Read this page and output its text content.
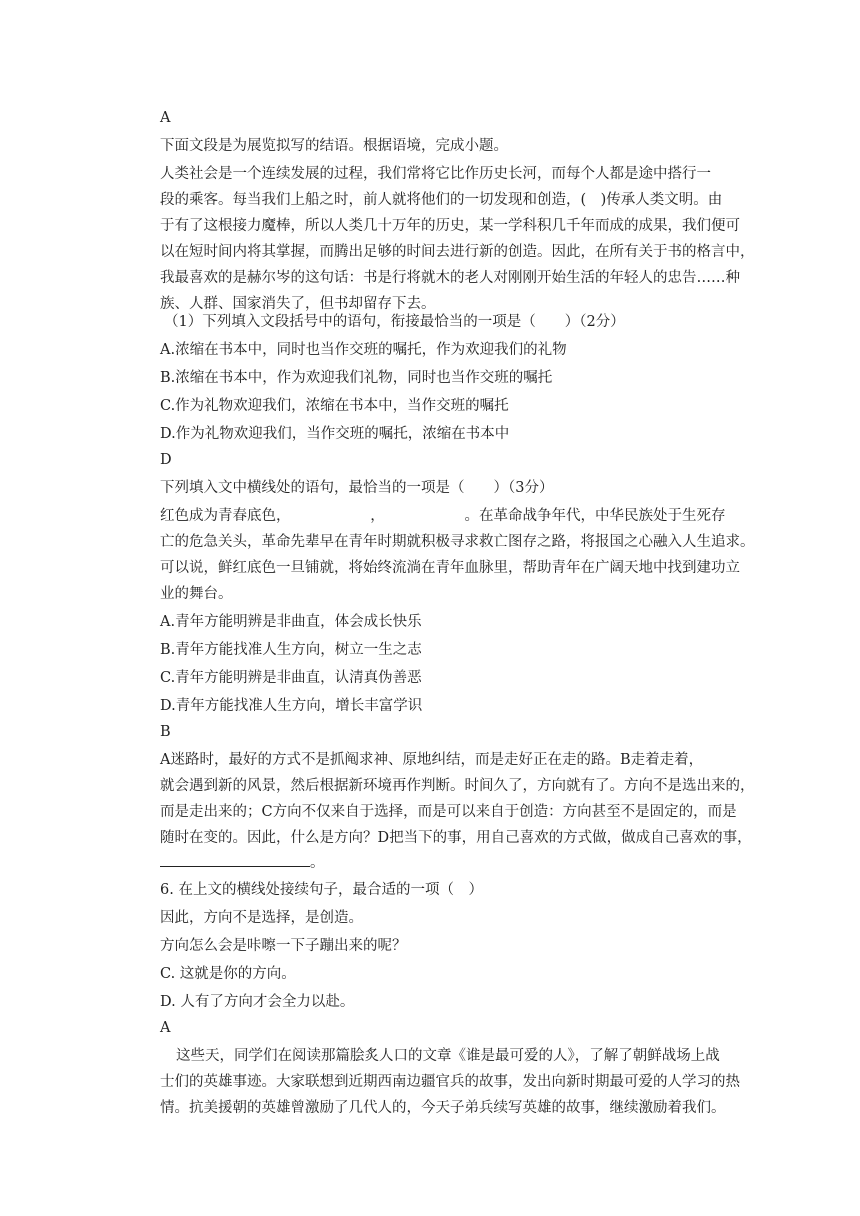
A
下面文段是为展览拟写的结语。根据语境，完成小题。
人类社会是一个连续发展的过程，我们常将它比作历史长河，而每个人都是途中搭行一
段的乘客。每当我们上船之时，前人就将他们的一切发现和创造，(　)传承人类文明。由
于有了这根接力魔棒，所以人类几十万年的历史，某一学科积几千年而成的成果，我们便可
以在短时间内将其掌握，而腾出足够的时间去进行新的创造。因此，在所有关于书的格言中，
我最喜欢的是赫尔岑的这句话：书是行将就木的老人对刚刚开始生活的年轻人的忠告……种
族、人群、国家消失了，但书却留存下去。
（1）下列填入文段括号中的语句，衔接最恰当的一项是（　　）（2分）
A.浓缩在书本中，同时也当作交班的嘱托，作为欢迎我们的礼物
B.浓缩在书本中，作为欢迎我们礼物，同时也当作交班的嘱托
C.作为礼物欢迎我们，浓缩在书本中，当作交班的嘱托
D.作为礼物欢迎我们，当作交班的嘱托，浓缩在书本中
D
下列填入文中横线处的语句，最恰当的一项是（　　）（3分）
红色成为青春底色，　　　　　　，　　　　　　。在革命战争年代，中华民族处于生死存
亡的危急关头，革命先辈早在青年时期就积极寻求救亡图存之路，将报国之心融入人生追求。
可以说，鲜红底色一旦铺就，将始终流淌在青年血脉里，帮助青年在广阔天地中找到建功立
业的舞台。
A.青年方能明辨是非曲直，体会成长快乐
B.青年方能找准人生方向，树立一生之志
C.青年方能明辨是非曲直，认清真伪善恶
D.青年方能找准人生方向，增长丰富学识
B
A迷路时，最好的方式不是抓阄求神、原地纠结，而是走好正在走的路。B走着走着，
就会遇到新的风景，然后根据新环境再作判断。时间久了，方向就有了。方向不是选出来的，
而是走出来的；C方向不仅来自于选择，而是可以来自于创造：方向甚至不是固定的，而是
随时在变的。因此，什么是方向？D把当下的事，用自己喜欢的方式做，做成自己喜欢的事，
。
6. 在上文的横线处接续句子，最合适的一项（　）
因此，方向不是选择，是创造。
方向怎么会是咔嚓一下子蹦出来的呢？
C. 这就是你的方向。
D. 人有了方向才会全力以赴。
A
这些天，同学们在阅读那篇脍炙人口的文章《谁是最可爱的人》，了解了朝鲜战场上战
士们的英雄事迹。大家联想到近期西南边疆官兵的故事，发出向新时期最可爱的人学习的热
情。抗美援朝的英雄曾激励了几代人的，今天子弟兵续写英雄的故事，继续激励着我们。
